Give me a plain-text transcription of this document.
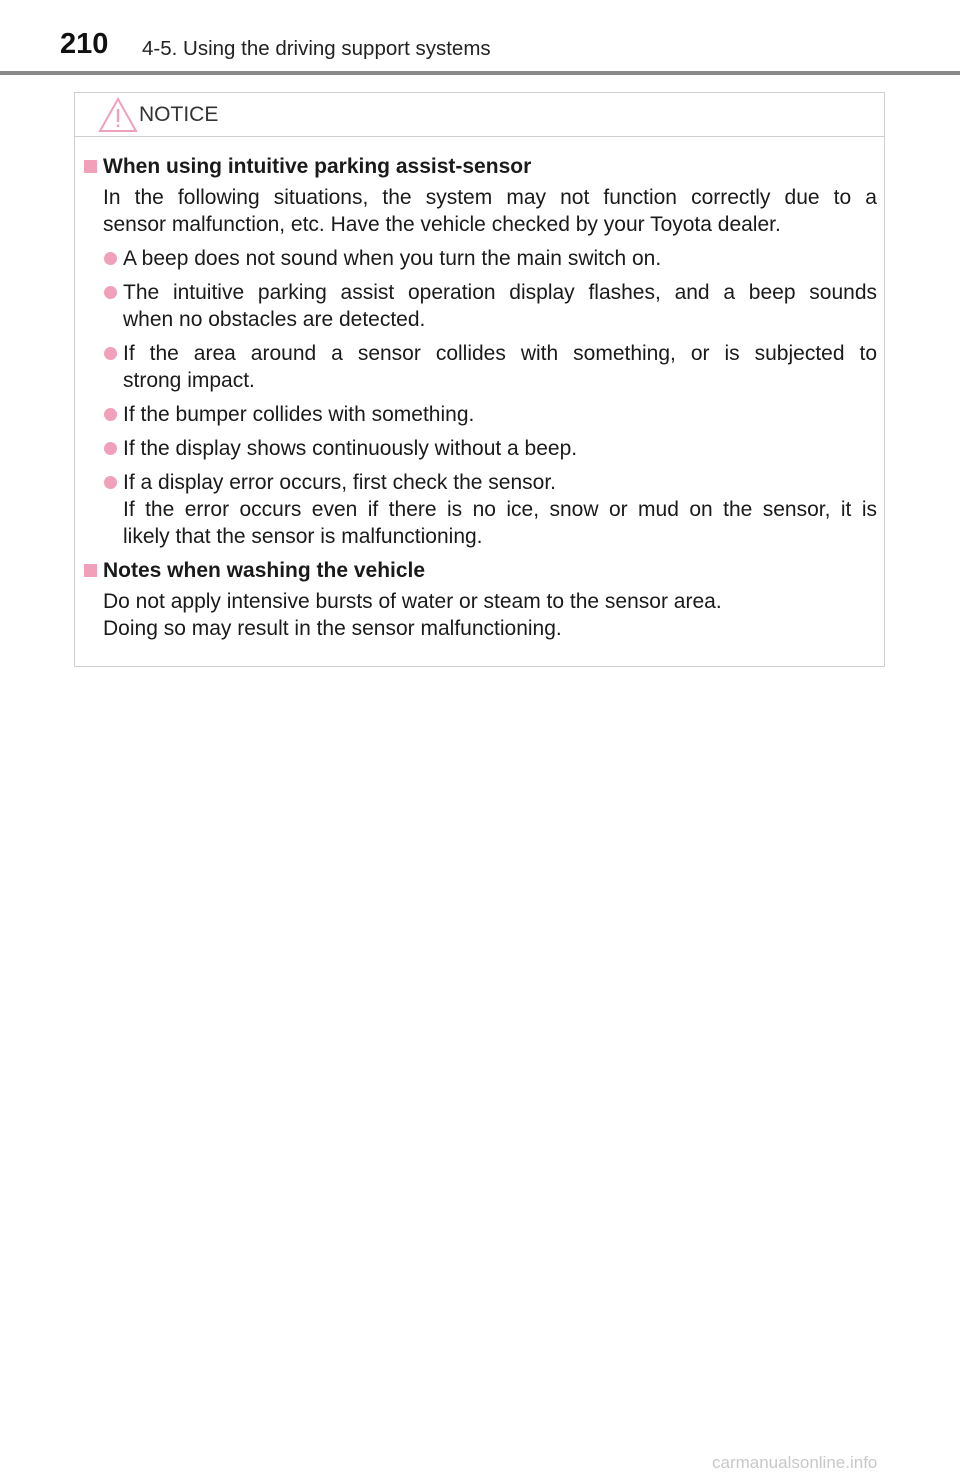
210 4-5. Using the driving support systems
NOTICE
When using intuitive parking assist-sensor
In the following situations, the system may not function correctly due to a
sensor malfunction, etc. Have the vehicle checked by your Toyota dealer.
A beep does not sound when you turn the main switch on.
The intuitive parking assist operation display flashes, and a beep sounds
when no obstacles are detected.
If the area around a sensor collides with something, or is subjected to
strong impact.
If the bumper collides with something.
If the display shows continuously without a beep.
If a display error occurs, first check the sensor.
If the error occurs even if there is no ice, snow or mud on the sensor, it is
likely that the sensor is malfunctioning.
Notes when washing the vehicle
Do not apply intensive bursts of water or steam to the sensor area.
Doing so may result in the sensor malfunctioning.
carmanualsonline.info
